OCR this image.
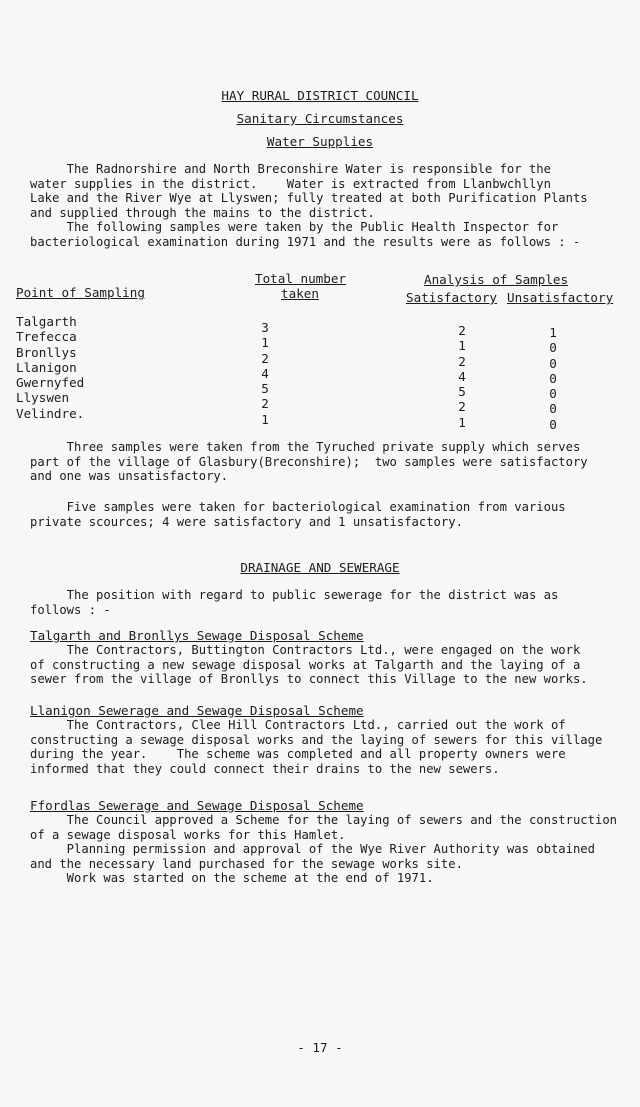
HAY RURAL DISTRICT COUNCIL
Sanitary Circumstances
Water Supplies

The Radnorshire and North Breconshire Water is responsible for the

water supplies in the district.    Water is extracted from Llanbwchllyn

Lake and the River Wye at Llyswen; fully treated at both Purification Plants

and supplied through the mains to the district.

The following samples were taken by the Public Health Inspector for

bacteriological examination during 1971 and the results were as follows : -

Point of Sampling
Total number
taken
Analysis of Samples
Satisfactory Unsatisfactory
Talgarth
Trefecca
Bronllys
Llanigon
Gwernyfed
Llyswen
Velindre.
3
1
2
4
5
2
1
2
1
2
4
5
2
1
1
0
0
0
0
0
0

Three samples were taken from the Tyruched private supply which serves

part of the village of Glasbury(Breconshire);  two samples were satisfactory

and one was unsatisfactory.

Five samples were taken for bacteriological examination from various

private scources; 4 were satisfactory and 1 unsatisfactory.

DRAINAGE AND SEWERAGE

The position with regard to public sewerage for the district was as

follows : -

Talgarth and Bronllys Sewage Disposal Scheme

The Contractors, Buttington Contractors Ltd., were engaged on the work

of constructing a new sewage disposal works at Talgarth and the laying of a

sewer from the village of Bronllys to connect this Village to the new works.

Llanigon Sewerage and Sewage Disposal Scheme

The Contractors, Clee Hill Contractors Ltd., carried out the work of

constructing a sewage disposal works and the laying of sewers for this village

during the year.    The scheme was completed and all property owners were

informed that they could connect their drains to the new sewers.

Ffordlas Sewerage and Sewage Disposal Scheme

The Council approved a Scheme for the laying of sewers and the construction

of a sewage disposal works for this Hamlet.

Planning permission and approval of the Wye River Authority was obtained

and the necessary land purchased for the sewage works site.

Work was started on the scheme at the end of 1971.

- 17 -
